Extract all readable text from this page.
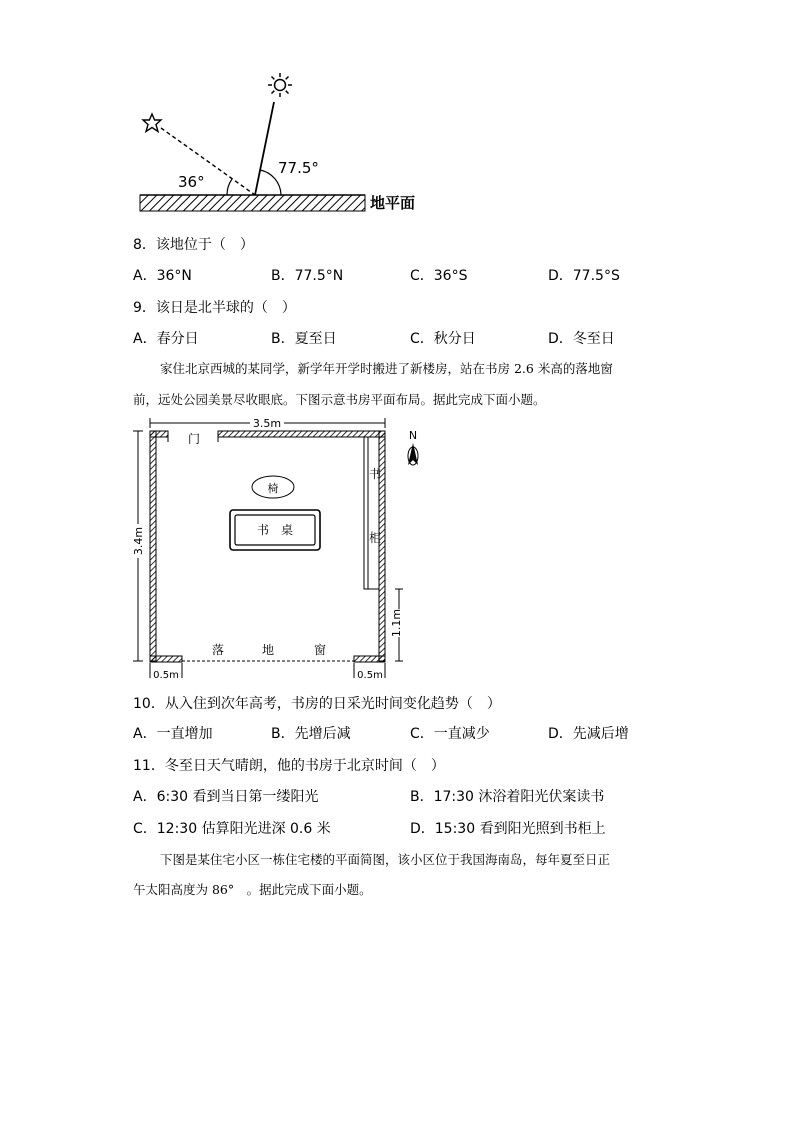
36°
77.5°
地平面
8．该地位于（　）
A．36°N	B．77.5°N	C．36°S	D．77.5°S
9．该日是北半球的（　）
A．春分日	B．夏至日	C．秋分日	D．冬至日
家住北京西城的某同学，新学年开学时搬进了新楼房，站在书房 2.6 米高的落地窗
前，远处公园美景尽收眼底。下图示意书房平面布局。据此完成下面小题。
3.5m
3.4m
门
落	地	窗
书
柜
椅
书　桌
1.1m
0.5m	0.5m
N
10．从入住到次年高考，书房的日采光时间变化趋势（　）
A．一直增加	B．先增后减	C．一直减少	D．先减后增
11．冬至日天气晴朗，他的书房于北京时间（　）
A．6:30 看到当日第一缕阳光	B．17:30 沐浴着阳光伏案读书
C．12:30 估算阳光进深 0.6 米	D．15:30 看到阳光照到书柜上
下图是某住宅小区一栋住宅楼的平面简图，该小区位于我国海南岛，每年夏至日正
午太阳高度为 86°　。据此完成下面小题。
